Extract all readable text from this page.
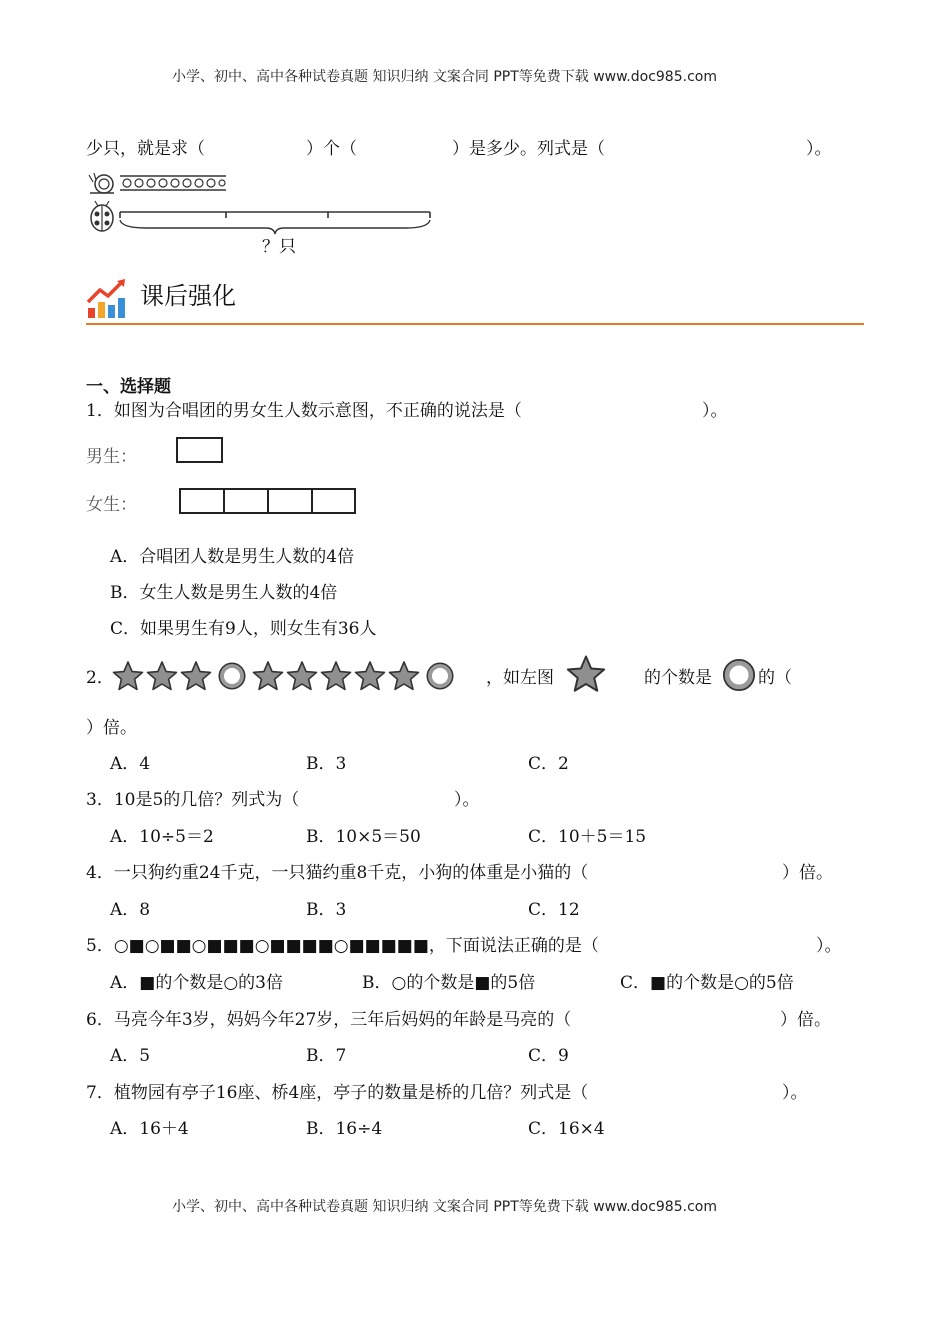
小学、初中、高中各种试卷真题 知识归纳 文案合同 PPT等免费下载 www.doc985.com
少只，就是求（	）个（	）是多少。列式是（	）。
？只
课后强化
一、选择题
1．如图为合唱团的男女生人数示意图，不正确的说法是（	）。
男生：
女生：
A．合唱团人数是男生人数的4倍
B．女生人数是男生人数的4倍
C．如果男生有9人，则女生有36人
2．	，如左图	的个数是	的（
）倍。
A．4	B．3	C．2
3．10是5的几倍？列式为（	）。
A．10÷5＝2	B．10×5＝50	C．10＋5＝15
4．一只狗约重24千克，一只猫约重8千克，小狗的体重是小猫的（	）倍。
A．8	B．3	C．12
5．○■○■■○■■■○■■■■○■■■■■，下面说法正确的是（	）。
A．■的个数是○的3倍	B．○的个数是■的5倍	C．■的个数是○的5倍
6．马亮今年3岁，妈妈今年27岁，三年后妈妈的年龄是马亮的（	）倍。
A．5	B．7	C．9
7．植物园有亭子16座、桥4座，亭子的数量是桥的几倍？列式是（	）。
A．16＋4	B．16÷4	C．16×4
小学、初中、高中各种试卷真题 知识归纳 文案合同 PPT等免费下载 www.doc985.com
